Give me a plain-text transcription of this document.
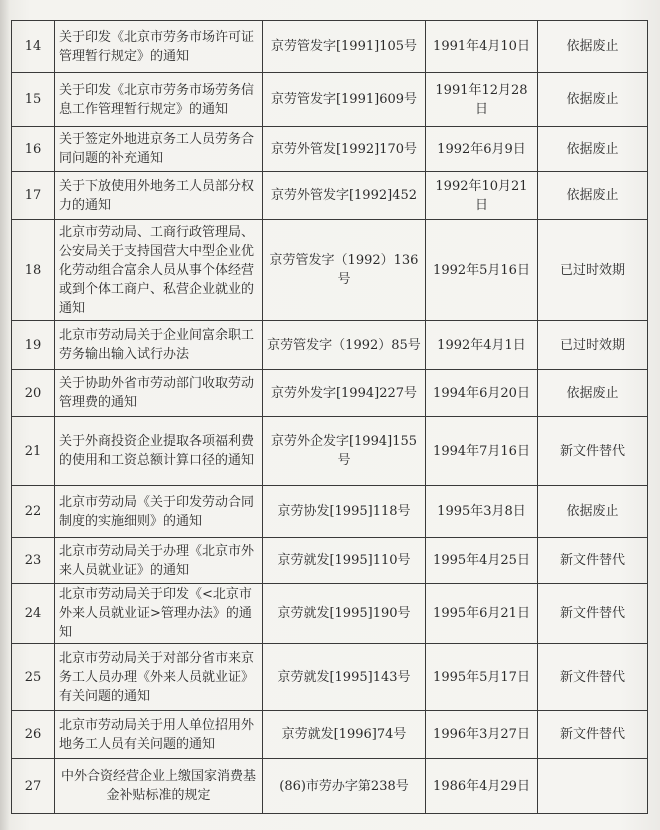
14	关于印发《北京市劳务市场许可证管理暂行规定》的通知	京劳管发字[1991]105号	1991年4月10日	依据废止
15	关于印发《北京市劳务市场劳务信息工作管理暂行规定》的通知	京劳管发字[1991]609号	1991年12月28日	依据废止
16	关于签定外地进京务工人员劳务合同问题的补充通知	京劳外管发[1992]170号	1992年6月9日	依据废止
17	关于下放使用外地务工人员部分权力的通知	京劳外管发字[1992]452	1992年10月21日	依据废止
18	北京市劳动局、工商行政管理局、公安局关于支持国营大中型企业优化劳动组合富余人员从事个体经营或到个体工商户、私营企业就业的通知	京劳管发字（1992）136号	1992年5月16日	已过时效期
19	北京市劳动局关于企业间富余职工劳务输出输入试行办法	京劳管发字（1992）85号	1992年4月1日	已过时效期
20	关于协助外省市劳动部门收取劳动管理费的通知	京劳外发字[1994]227号	1994年6月20日	依据废止
21	关于外商投资企业提取各项福利费的使用和工资总额计算口径的通知	京劳外企发字[1994]155号	1994年7月16日	新文件替代
22	北京市劳动局《关于印发劳动合同制度的实施细则》的通知	京劳协发[1995]118号	1995年3月8日	依据废止
23	北京市劳动局关于办理《北京市外来人员就业证》的通知	京劳就发[1995]110号	1995年4月25日	新文件替代
24	北京市劳动局关于印发《<北京市外来人员就业证>管理办法》的通知	京劳就发[1995]190号	1995年6月21日	新文件替代
25	北京市劳动局关于对部分省市来京务工人员办理《外来人员就业证》有关问题的通知	京劳就发[1995]143号	1995年5月17日	新文件替代
26	北京市劳动局关于用人单位招用外地务工人员有关问题的通知	京劳就发[1996]74号	1996年3月27日	新文件替代
27	中外合资经营企业上缴国家消费基金补贴标准的规定	(86)市劳办字第238号	1986年4月29日	
